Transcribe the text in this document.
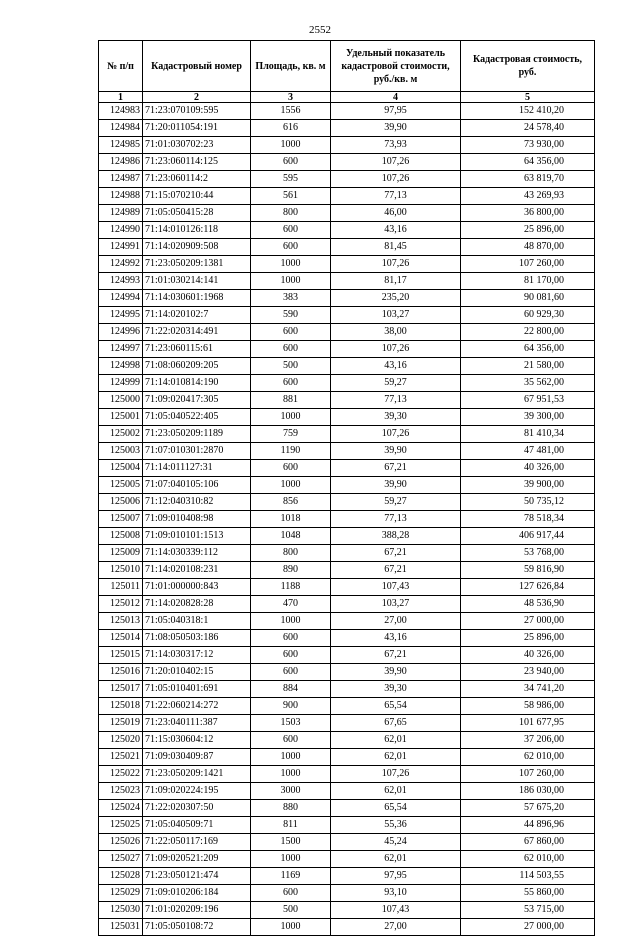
2552
№ п/п	Кадастровый номер	Площадь, кв. м	Удельный показатель кадастровой стоимости, руб./кв. м	Кадастровая стоимость, руб.
1	2	3	4	5
124983	71:23:070109:595	1556	97,95	152 410,20
124984	71:20:011054:191	616	39,90	24 578,40
124985	71:01:030702:23	1000	73,93	73 930,00
124986	71:23:060114:125	600	107,26	64 356,00
124987	71:23:060114:2	595	107,26	63 819,70
124988	71:15:070210:44	561	77,13	43 269,93
124989	71:05:050415:28	800	46,00	36 800,00
124990	71:14:010126:118	600	43,16	25 896,00
124991	71:14:020909:508	600	81,45	48 870,00
124992	71:23:050209:1381	1000	107,26	107 260,00
124993	71:01:030214:141	1000	81,17	81 170,00
124994	71:14:030601:1968	383	235,20	90 081,60
124995	71:14:020102:7	590	103,27	60 929,30
124996	71:22:020314:491	600	38,00	22 800,00
124997	71:23:060115:61	600	107,26	64 356,00
124998	71:08:060209:205	500	43,16	21 580,00
124999	71:14:010814:190	600	59,27	35 562,00
125000	71:09:020417:305	881	77,13	67 951,53
125001	71:05:040522:405	1000	39,30	39 300,00
125002	71:23:050209:1189	759	107,26	81 410,34
125003	71:07:010301:2870	1190	39,90	47 481,00
125004	71:14:011127:31	600	67,21	40 326,00
125005	71:07:040105:106	1000	39,90	39 900,00
125006	71:12:040310:82	856	59,27	50 735,12
125007	71:09:010408:98	1018	77,13	78 518,34
125008	71:09:010101:1513	1048	388,28	406 917,44
125009	71:14:030339:112	800	67,21	53 768,00
125010	71:14:020108:231	890	67,21	59 816,90
125011	71:01:000000:843	1188	107,43	127 626,84
125012	71:14:020828:28	470	103,27	48 536,90
125013	71:05:040318:1	1000	27,00	27 000,00
125014	71:08:050503:186	600	43,16	25 896,00
125015	71:14:030317:12	600	67,21	40 326,00
125016	71:20:010402:15	600	39,90	23 940,00
125017	71:05:010401:691	884	39,30	34 741,20
125018	71:22:060214:272	900	65,54	58 986,00
125019	71:23:040111:387	1503	67,65	101 677,95
125020	71:15:030604:12	600	62,01	37 206,00
125021	71:09:030409:87	1000	62,01	62 010,00
125022	71:23:050209:1421	1000	107,26	107 260,00
125023	71:09:020224:195	3000	62,01	186 030,00
125024	71:22:020307:50	880	65,54	57 675,20
125025	71:05:040509:71	811	55,36	44 896,96
125026	71:22:050117:169	1500	45,24	67 860,00
125027	71:09:020521:209	1000	62,01	62 010,00
125028	71:23:050121:474	1169	97,95	114 503,55
125029	71:09:010206:184	600	93,10	55 860,00
125030	71:01:020209:196	500	107,43	53 715,00
125031	71:05:050108:72	1000	27,00	27 000,00
